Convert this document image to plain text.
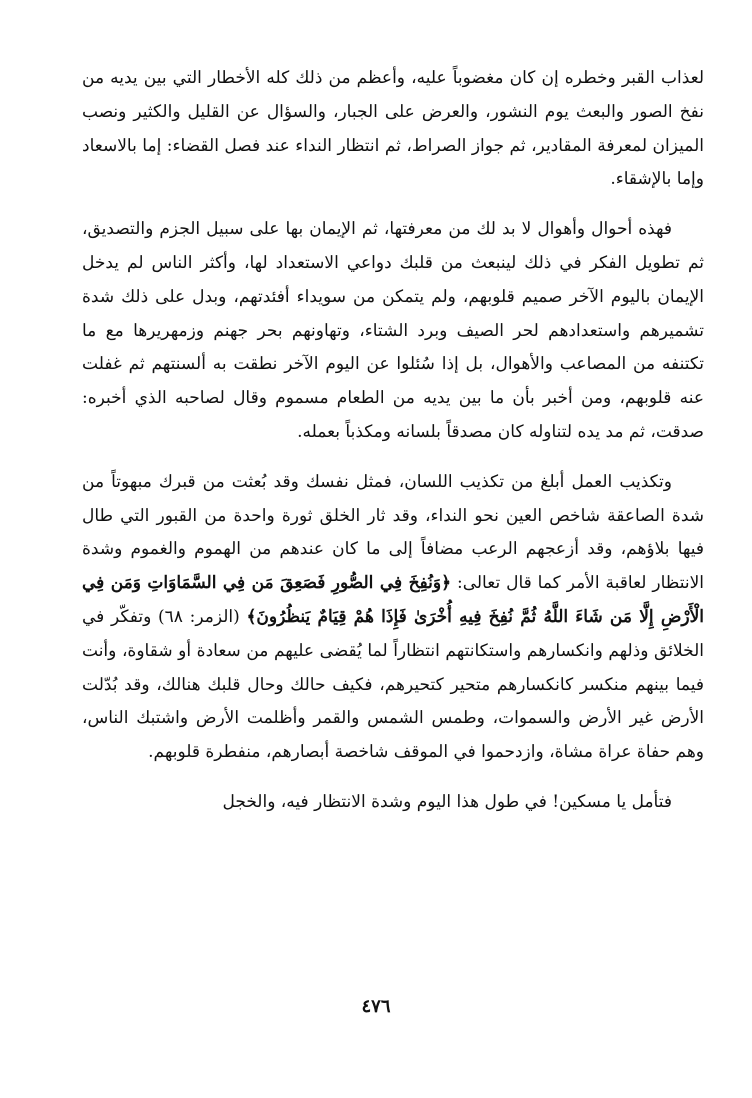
لعذاب القبر وخطره إن كان مغضوباً عليه، وأعظم من ذلك كله الأخطار التي بين يديه من نفخ الصور والبعث يوم النشور، والعرض على الجبار، والسؤال عن القليل والكثير ونصب الميزان لمعرفة المقادير، ثم جواز الصراط، ثم انتظار النداء عند فصل القضاء: إما بالاسعاد وإما بالإشقاء.

فهذه أحوال وأهوال لا بد لك من معرفتها، ثم الإيمان بها على سبيل الجزم والتصديق، ثم تطويل الفكر في ذلك لينبعث من قلبك دواعي الاستعداد لها، وأكثر الناس لم يدخل الإيمان باليوم الآخر صميم قلوبهم، ولم يتمكن من سويداء أفئدتهم، وبدل على ذلك شدة تشميرهم واستعدادهم لحر الصيف وبرد الشتاء، وتهاونهم بحر جهنم وزمهريرها مع ما تكتنفه من المصاعب والأهوال، بل إذا سُئلوا عن اليوم الآخر نطقت به ألسنتهم ثم غفلت عنه قلوبهم، ومن أخبر بأن ما بين يديه من الطعام مسموم وقال لصاحبه الذي أخبره: صدقت، ثم مد يده لتناوله كان مصدقاً بلسانه ومكذباً بعمله.

وتكذيب العمل أبلغ من تكذيب اللسان، فمثل نفسك وقد بُعثت من قبرك مبهوتاً من شدة الصاعقة شاخص العين نحو النداء، وقد ثار الخلق ثورة واحدة من القبور التي طال فيها بلاؤهم، وقد أزعجهم الرعب مضافاً إلى ما كان عندهم من الهموم والغموم وشدة الانتظار لعاقبة الأمر كما قال تعالى: ﴿وَنُفِخَ فِي الصُّورِ فَصَعِقَ مَن فِي السَّمَاوَاتِ وَمَن فِي الْأَرْضِ إِلَّا مَن شَاءَ اللَّهُ ثُمَّ نُفِخَ فِيهِ أُخْرَىٰ فَإِذَا هُمْ قِيَامٌ يَنظُرُونَ﴾ (الزمر: ٦٨) وتفكّر في الخلائق وذلهم وانكسارهم واستكانتهم انتظاراً لما يُقضى عليهم من سعادة أو شقاوة، وأنت فيما بينهم منكسر كانكسارهم متحير كتحيرهم، فكيف حالك وحال قلبك هنالك، وقد بُدّلت الأرض غير الأرض والسموات، وطمس الشمس والقمر وأظلمت الأرض واشتبك الناس، وهم حفاة عراة مشاة، وازدحموا في الموقف شاخصة أبصارهم، منفطرة قلوبهم.

فتأمل يا مسكين! في طول هذا اليوم وشدة الانتظار فيه، والخجل

٤٧٦
